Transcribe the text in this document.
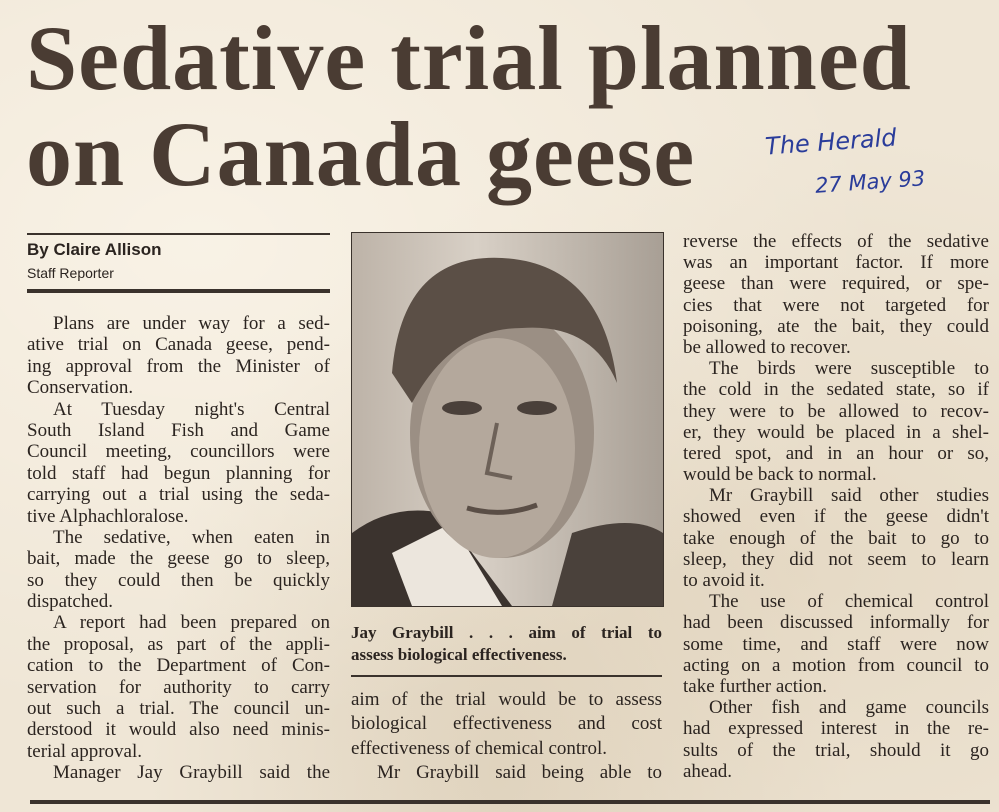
Sedative trial planned
on Canada geese	The Herald
27 May 93
By Claire Allison
Staff Reporter
Plans are under way for a sed-
ative trial on Canada geese, pend-
ing approval from the Minister of
Conservation.
At Tuesday night's Central
South Island Fish and Game
Council meeting, councillors were
told staff had begun planning for
carrying out a trial using the seda-
tive Alphachloralose.
The sedative, when eaten in
bait, made the geese go to sleep,
so they could then be quickly
dispatched.
A report had been prepared on
the proposal, as part of the appli-
cation to the Department of Con-
servation for authority to carry
out such a trial. The council un-
derstood it would also need minis-
terial approval.
Manager Jay Graybill said the
Jay Graybill . . . aim of trial to
assess biological effectiveness.
aim of the trial would be to assess
biological effectiveness and cost
effectiveness of chemical control.
Mr Graybill said being able to
reverse the effects of the sedative
was an important factor. If more
geese than were required, or spe-
cies that were not targeted for
poisoning, ate the bait, they could
be allowed to recover.
The birds were susceptible to
the cold in the sedated state, so if
they were to be allowed to recov-
er, they would be placed in a shel-
tered spot, and in an hour or so,
would be back to normal.
Mr Graybill said other studies
showed even if the geese didn't
take enough of the bait to go to
sleep, they did not seem to learn
to avoid it.
The use of chemical control
had been discussed informally for
some time, and staff were now
acting on a motion from council to
take further action.
Other fish and game councils
had expressed interest in the re-
sults of the trial, should it go
ahead.
